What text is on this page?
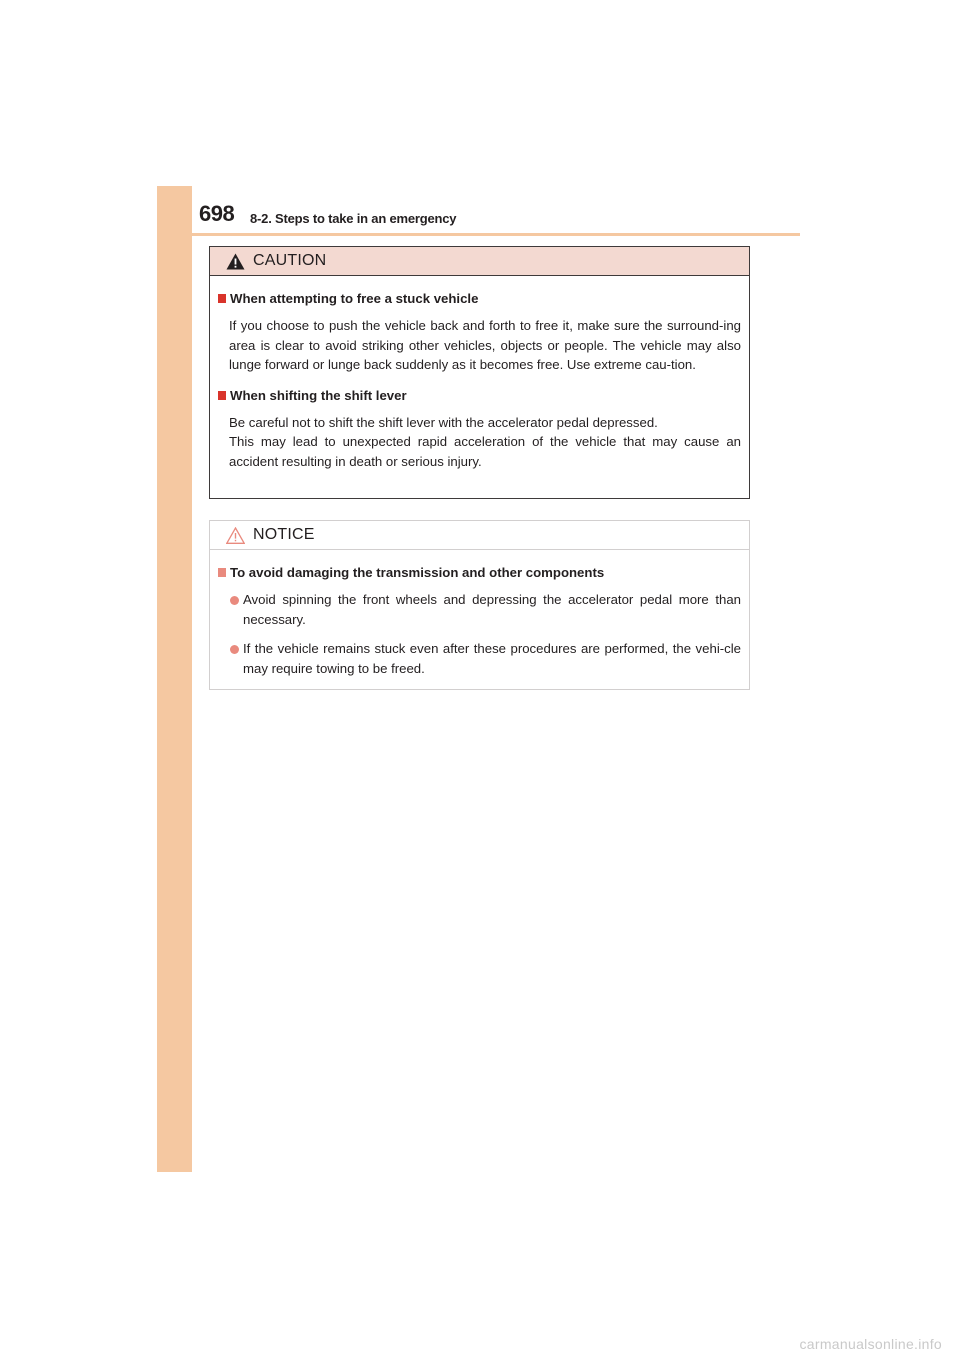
698 8-2. Steps to take in an emergency
CAUTION
When attempting to free a stuck vehicle

If you choose to push the vehicle back and forth to free it, make sure the surround-ing area is clear to avoid striking other vehicles, objects or people. The vehicle may also lunge forward or lunge back suddenly as it becomes free. Use extreme cau-tion.

When shifting the shift lever

Be careful not to shift the shift lever with the accelerator pedal depressed.

This may lead to unexpected rapid acceleration of the vehicle that may cause an accident resulting in death or serious injury.

NOTICE
To avoid damaging the transmission and other components
Avoid spinning the front wheels and depressing the accelerator pedal more than necessary.
If the vehicle remains stuck even after these procedures are performed, the vehi-cle may require towing to be freed.
carmanualsonline.info
